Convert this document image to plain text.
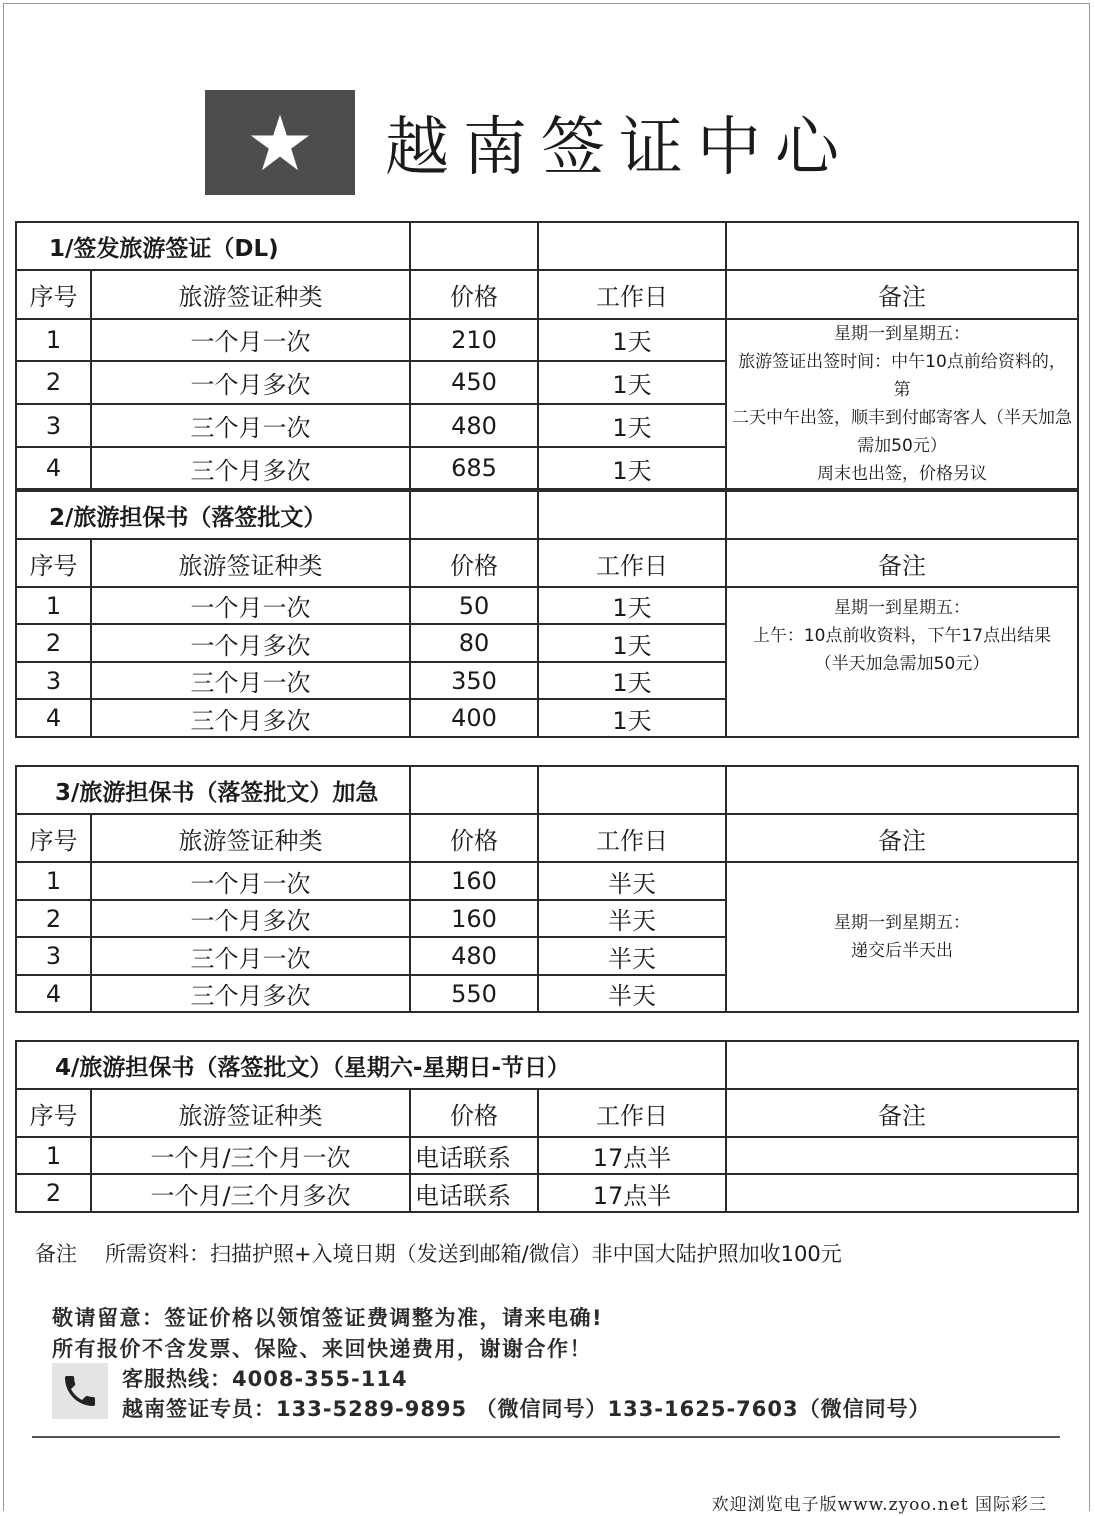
越南签证中心
1/签发旅游签证（DL)				
序号	旅游签证种类	价格	工作日	备注
1	一个月一次	210	1天	星期一到星期五：
旅游签证出签时间：中午10点前给资料的，第
二天中午出签，顺丰到付邮寄客人（半天加急
需加50元）
周末也出签，价格另议

2	一个月多次	450	1天	
3	三个月一次	480	1天	
4	三个月多次	685	1天	
2/旅游担保书（落签批文）				
序号	旅游签证种类	价格	工作日	备注
1	一个月一次	50	1天	星期一到星期五：
上午：10点前收资料，下午17点出结果
（半天加急需加50元）

2	一个月多次	80	1天	
3	三个月一次	350	1天	
4	三个月多次	400	1天	
3/旅游担保书（落签批文）加急				
序号	旅游签证种类	价格	工作日	备注
1	一个月一次	160	半天	星期一到星期五：
递交后半天出

2	一个月多次	160	半天	
3	三个月一次	480	半天	
4	三个月多次	550	半天	
4/旅游担保书（落签批文）（星期六-星期日-节日）				
序号	旅游签证种类	价格	工作日	备注
1	一个月/三个月一次	电话联系	17点半	
2	一个月/三个月多次	电话联系	17点半	
备注 所需资料：扫描护照+入境日期（发送到邮箱/微信）非中国大陆护照加收100元
敬请留意：签证价格以领馆签证费调整为准，请来电确!
所有报价不含发票、保险、来回快递费用，谢谢合作！
客服热线：4008-355-114
越南签证专员：133-5289-9895 （微信同号）133-1625-7603（微信同号）
欢迎浏览电子版www.zyoo.net 国际彩三
